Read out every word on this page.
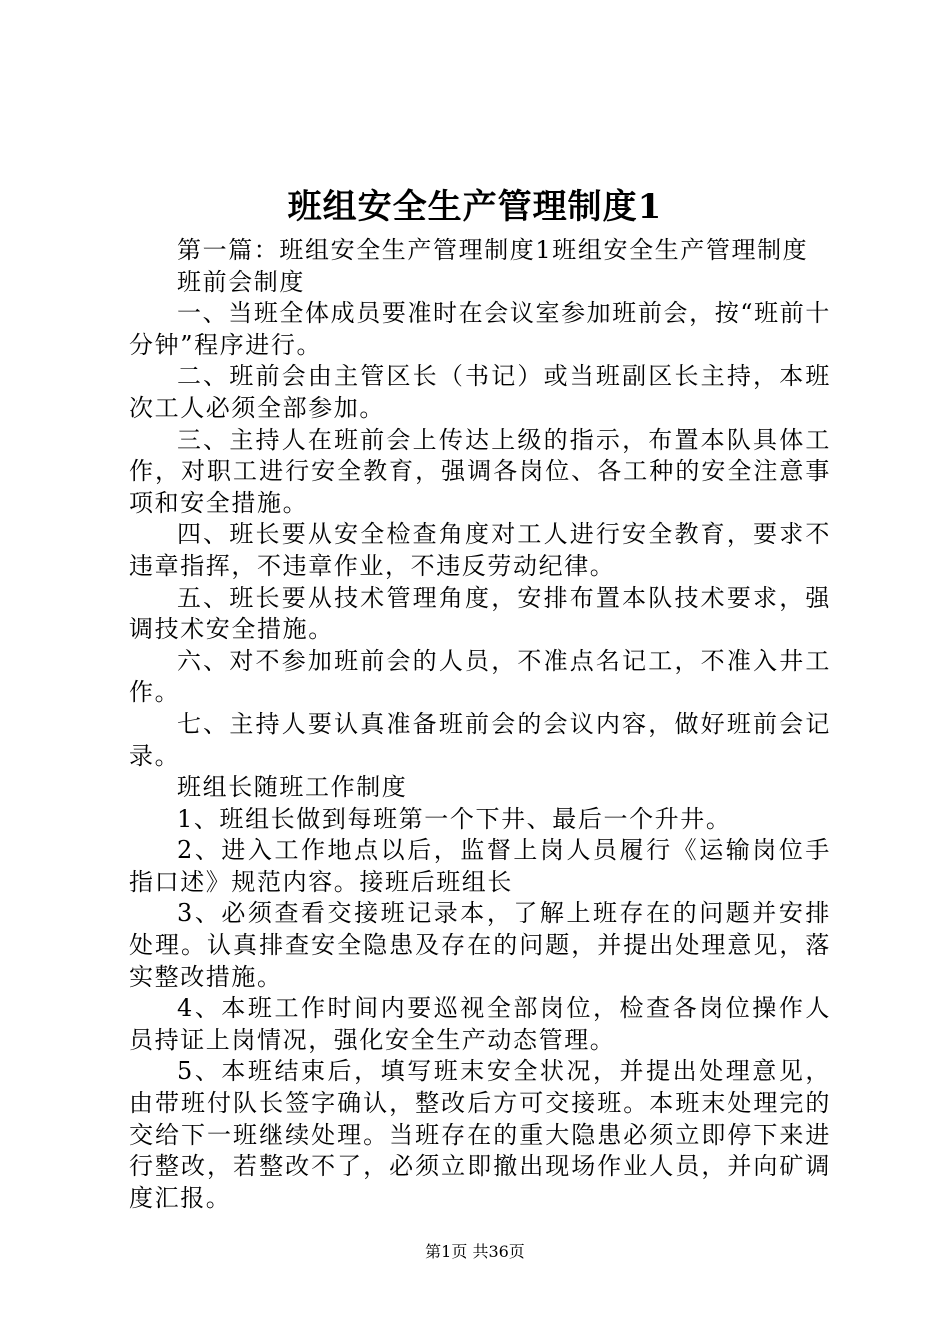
班组安全生产管理制度1

第一篇：班组安全生产管理制度1班组安全生产管理制度

班前会制度

一、当班全体成员要准时在会议室参加班前会，按“班前十分钟”程序进行。

二、班前会由主管区长（书记）或当班副区长主持，本班次工人必须全部参加。

三、主持人在班前会上传达上级的指示，布置本队具体工作，对职工进行安全教育，强调各岗位、各工种的安全注意事项和安全措施。

四、班长要从安全检查角度对工人进行安全教育，要求不违章指挥，不违章作业，不违反劳动纪律。

五、班长要从技术管理角度，安排布置本队技术要求，强调技术安全措施。

六、对不参加班前会的人员，不准点名记工，不准入井工作。

七、主持人要认真准备班前会的会议内容，做好班前会记录。

班组长随班工作制度

1、班组长做到每班第一个下井、最后一个升井。

2、进入工作地点以后，监督上岗人员履行《运输岗位手指口述》规范内容。接班后班组长

3、必须查看交接班记录本，了解上班存在的问题并安排处理。认真排查安全隐患及存在的问题，并提出处理意见，落实整改措施。

4、本班工作时间内要巡视全部岗位，检查各岗位操作人员持证上岗情况，强化安全生产动态管理。

5、本班结束后，填写班末安全状况，并提出处理意见，由带班付队长签字确认，整改后方可交接班。本班末处理完的交给下一班继续处理。当班存在的重大隐患必须立即停下来进行整改，若整改不了，必须立即撤出现场作业人员，并向矿调度汇报。

第1页 共36页
